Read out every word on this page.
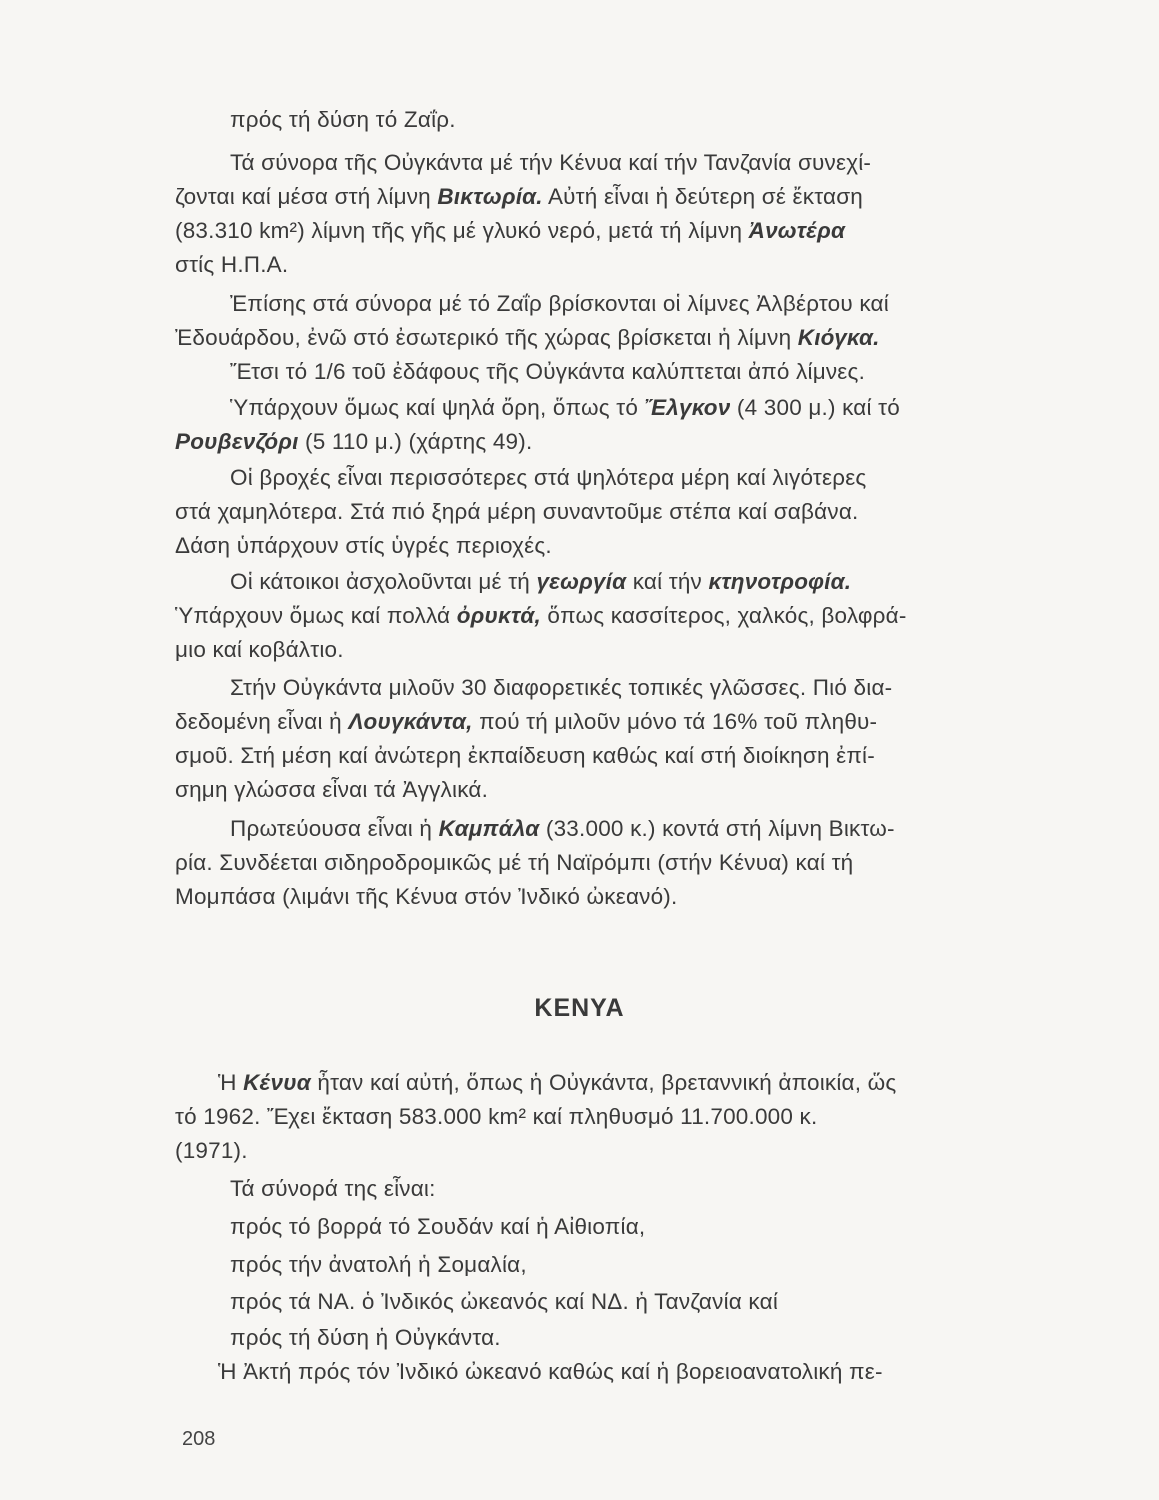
πρός τή δύση τό Ζαΐρ.
Τά σύνορα τῆς Οὐγκάντα μέ τήν Κένυα καί τήν Τανζανία συνεχί-
ζονται καί μέσα στή λίμνη Βικτωρία. Αὐτή εἶναι ἡ δεύτερη σέ ἔκταση
(83.310 km²) λίμνη τῆς γῆς μέ γλυκό νερό, μετά τή λίμνη Ἀνωτέρα
στίς Η.Π.Α.
Ἐπίσης στά σύνορα μέ τό Ζαΐρ βρίσκονται οἱ λίμνες Ἀλβέρτου καί
Ἐδουάρδου, ἐνῶ στό ἐσωτερικό τῆς χώρας βρίσκεται ἡ λίμνη Κιόγκα.
Ἔτσι τό 1/6 τοῦ ἐδάφους τῆς Οὐγκάντα καλύπτεται ἀπό λίμνες.
Ὑπάρχουν ὅμως καί ψηλά ὄρη, ὅπως τό Ἔλγκον (4 300 μ.) καί τό
Ρουβενζόρι (5 110 μ.) (χάρτης 49).
Οἱ βροχές εἶναι περισσότερες στά ψηλότερα μέρη καί λιγότερες
στά χαμηλότερα. Στά πιό ξηρά μέρη συναντοῦμε στέπα καί σαβάνα.
Δάση ὑπάρχουν στίς ὑγρές περιοχές.
Οἱ κάτοικοι ἀσχολοῦνται μέ τή γεωργία καί τήν κτηνοτροφία.
Ὑπάρχουν ὅμως καί πολλά ὀρυκτά, ὅπως κασσίτερος, χαλκός, βολφρά-
μιο καί κοβάλτιο.
Στήν Οὐγκάντα μιλοῦν 30 διαφορετικές τοπικές γλῶσσες. Πιό δια-
δεδομένη εἶναι ἡ Λουγκάντα, πού τή μιλοῦν μόνο τά 16% τοῦ πληθυ-
σμοῦ. Στή μέση καί ἀνώτερη ἐκπαίδευση καθώς καί στή διοίκηση ἐπί-
σημη γλώσσα εἶναι τά Ἀγγλικά.
Πρωτεύουσα εἶναι ἡ Καμπάλα (33.000 κ.) κοντά στή λίμνη Βικτω-
ρία. Συνδέεται σιδηροδρομικῶς μέ τή Ναϊρόμπι (στήν Κένυα) καί τή
Μομπάσα (λιμάνι τῆς Κένυα στόν Ἰνδικό ὠκεανό).
KENYA
Ἡ Κένυα ἦταν καί αὐτή, ὅπως ἡ Οὐγκάντα, βρεταννική ἀποικία, ὥς
τό 1962. Ἔχει ἔκταση 583.000 km² καί πληθυσμό 11.700.000 κ.
(1971).
Τά σύνορά της εἶναι:
πρός τό βορρά τό Σουδάν καί ἡ Αἰθιοπία,
πρός τήν ἀνατολή ἡ Σομαλία,
πρός τά ΝΑ. ὁ Ἰνδικός ὠκεανός καί ΝΔ. ἡ Τανζανία καί
πρός τή δύση ἡ Οὐγκάντα.
Ἡ Ἀκτή πρός τόν Ἰνδικό ὠκεανό καθώς καί ἡ βορειοανατολική πε-
208
